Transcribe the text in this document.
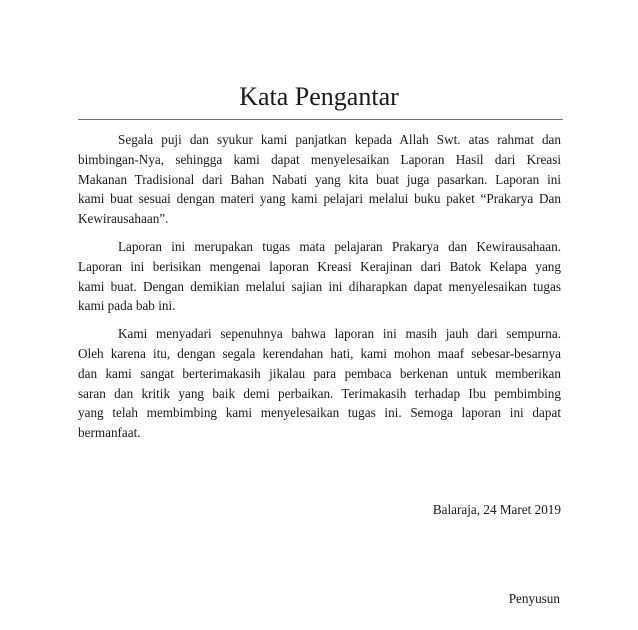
Kata Pengantar

Segala puji dan syukur kami panjatkan kepada Allah Swt. atas rahmat dan
bimbingan-Nya, sehingga kami dapat menyelesaikan Laporan Hasil dari Kreasi
Makanan Tradisional dari Bahan Nabati yang kita buat juga pasarkan. Laporan ini
kami buat sesuai dengan materi yang kami pelajari melalui buku paket “Prakarya Dan
Kewirausahaan”.

Laporan ini merupakan tugas mata pelajaran Prakarya dan Kewirausahaan.
Laporan ini berisikan mengenai laporan Kreasi Kerajinan dari Batok Kelapa yang
kami buat. Dengan demikian melalui sajian ini diharapkan dapat menyelesaikan tugas
kami pada bab ini.

Kami menyadari sepenuhnya bahwa laporan ini masih jauh dari sempurna.
Oleh karena itu, dengan segala kerendahan hati, kami mohon maaf sebesar-besarnya
dan kami sangat berterimakasih jikalau para pembaca berkenan untuk memberikan
saran dan kritik yang baik demi perbaikan. Terimakasih terhadap Ibu pembimbing
yang telah membimbing kami menyelesaikan tugas ini. Semoga laporan ini dapat
bermanfaat.

Balaraja, 24 Maret 2019
Penyusun
